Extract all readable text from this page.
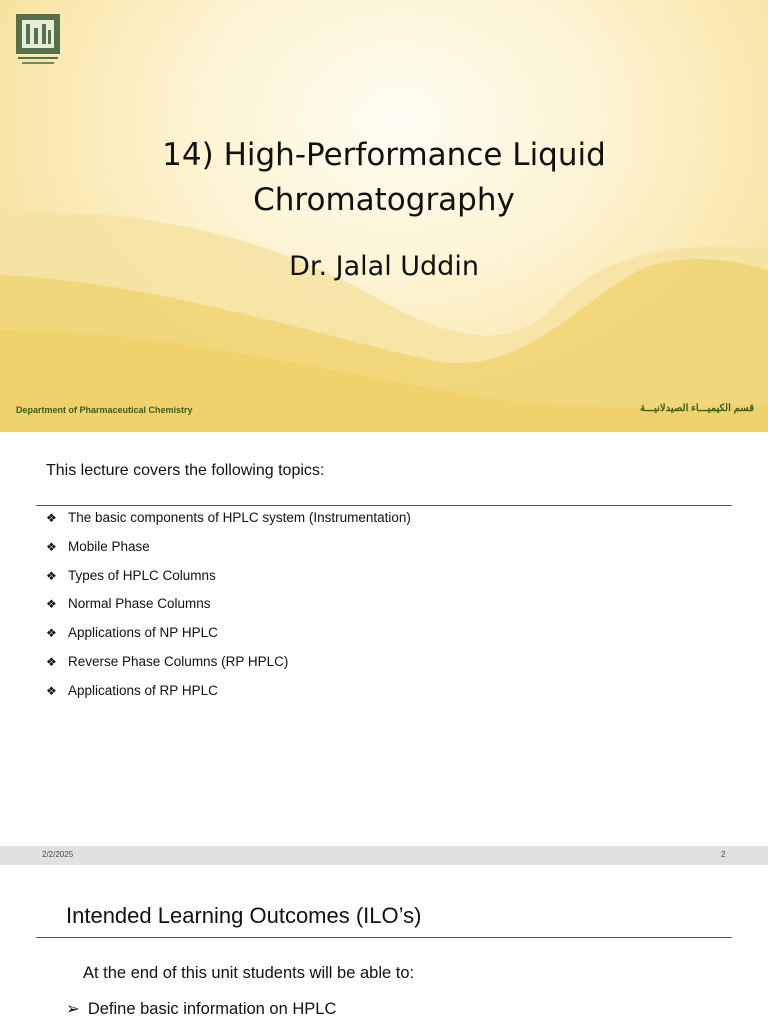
14) High-Performance Liquid
Chromatography
Dr. Jalal Uddin
Department of Pharmaceutical Chemistry	قسم الكيميـــاء الصيدلانيـــة
This lecture covers the following topics:
❖ The basic components of HPLC system (Instrumentation)
❖ Mobile Phase
❖ Types of HPLC Columns
❖ Normal Phase Columns
❖ Applications of NP HPLC
❖ Reverse Phase Columns (RP HPLC)
❖ Applications of RP HPLC
2/2/2025	2
Intended Learning Outcomes (ILO’s)
At the end of this unit students will be able to:
➢ Define basic information on HPLC
